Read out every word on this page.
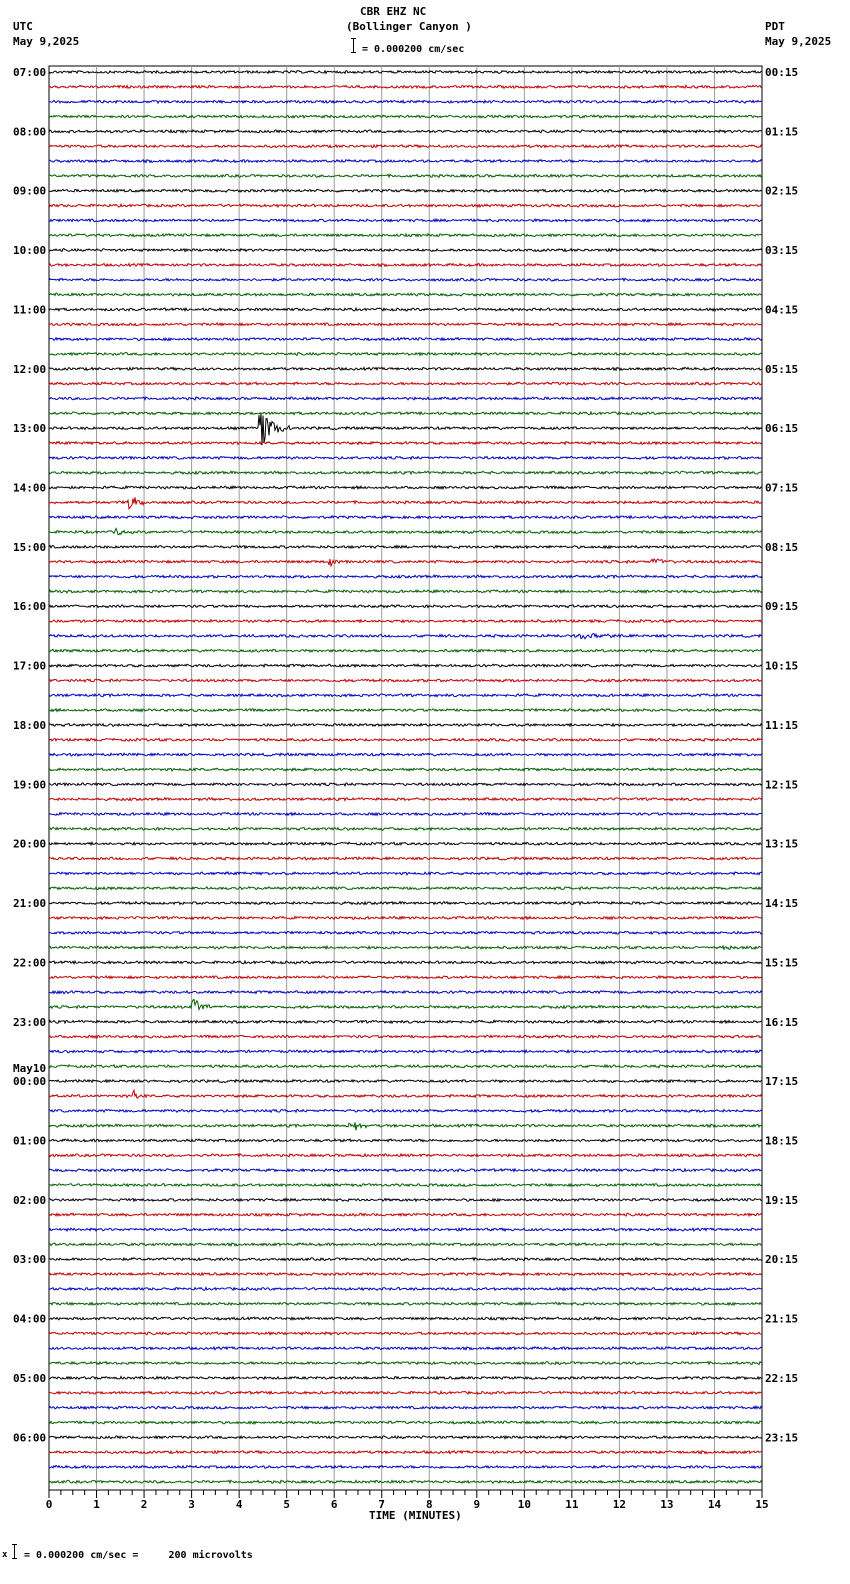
CBR EHZ NC
(Bollinger Canyon )
= 0.000200 cm/sec
UTC
May 9,2025
PDT
May 9,2025
0	1	2	3	4	5	6	7	8	9	10	11	12	13	14	15
07:00
08:00
09:00
10:00
11:00
12:00
13:00
14:00
15:00
16:00
17:00
18:00
19:00
20:00
21:00
22:00
23:00
00:00
May10
01:00
02:00
03:00
04:00
05:00
06:00
00:15
01:15
02:15
03:15
04:15
05:15
06:15
07:15
08:15
09:15
10:15
11:15
12:15
13:15
14:15
15:15
16:15
17:15
18:15
19:15
20:15
21:15
22:15
23:15
TIME (MINUTES)
x = 0.000200 cm/sec =     200 microvolts
